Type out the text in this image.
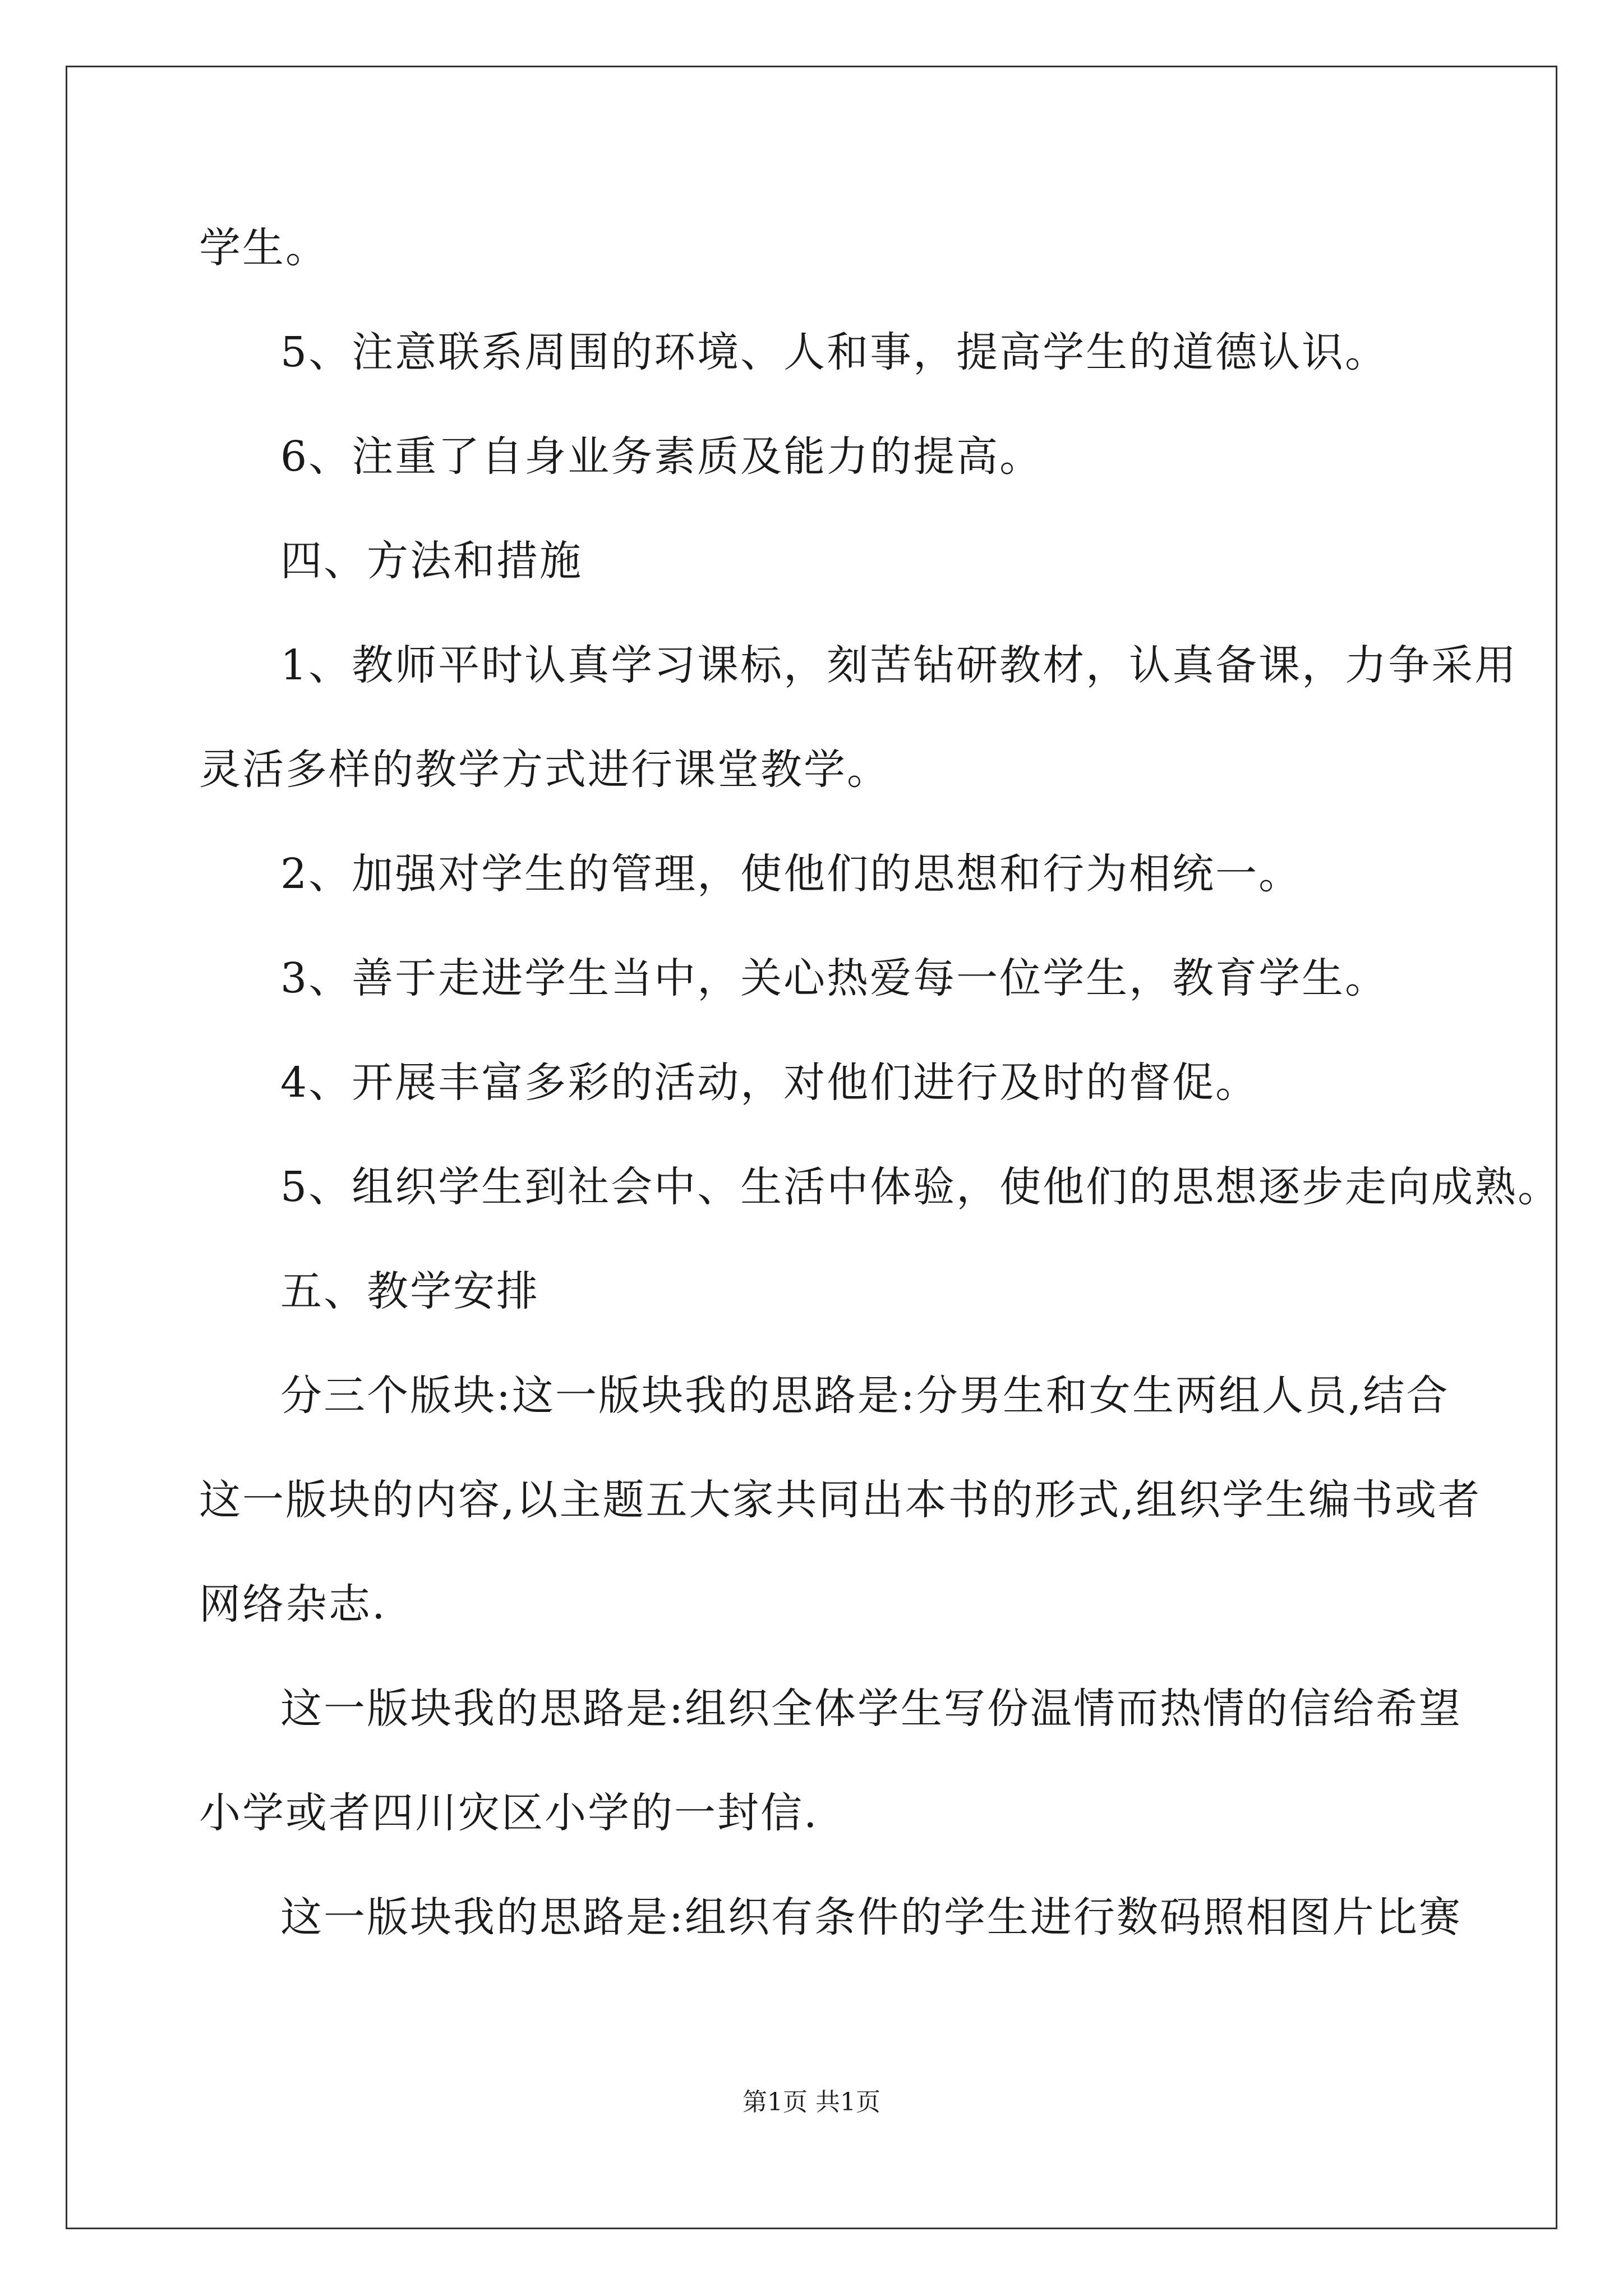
学生。
5、注意联系周围的环境、人和事，提高学生的道德认识。
6、注重了自身业务素质及能力的提高。
四、方法和措施
1、教师平时认真学习课标，刻苦钻研教材，认真备课，力争采用
灵活多样的教学方式进行课堂教学。
2、加强对学生的管理，使他们的思想和行为相统一。
3、善于走进学生当中，关心热爱每一位学生，教育学生。
4、开展丰富多彩的活动，对他们进行及时的督促。
5、组织学生到社会中、生活中体验，使他们的思想逐步走向成熟。
五、教学安排
分三个版块:这一版块我的思路是:分男生和女生两组人员,结合
这一版块的内容,以主题五大家共同出本书的形式,组织学生编书或者
网络杂志.
这一版块我的思路是:组织全体学生写份温情而热情的信给希望
小学或者四川灾区小学的一封信.
这一版块我的思路是:组织有条件的学生进行数码照相图片比赛
第1页 共1页
